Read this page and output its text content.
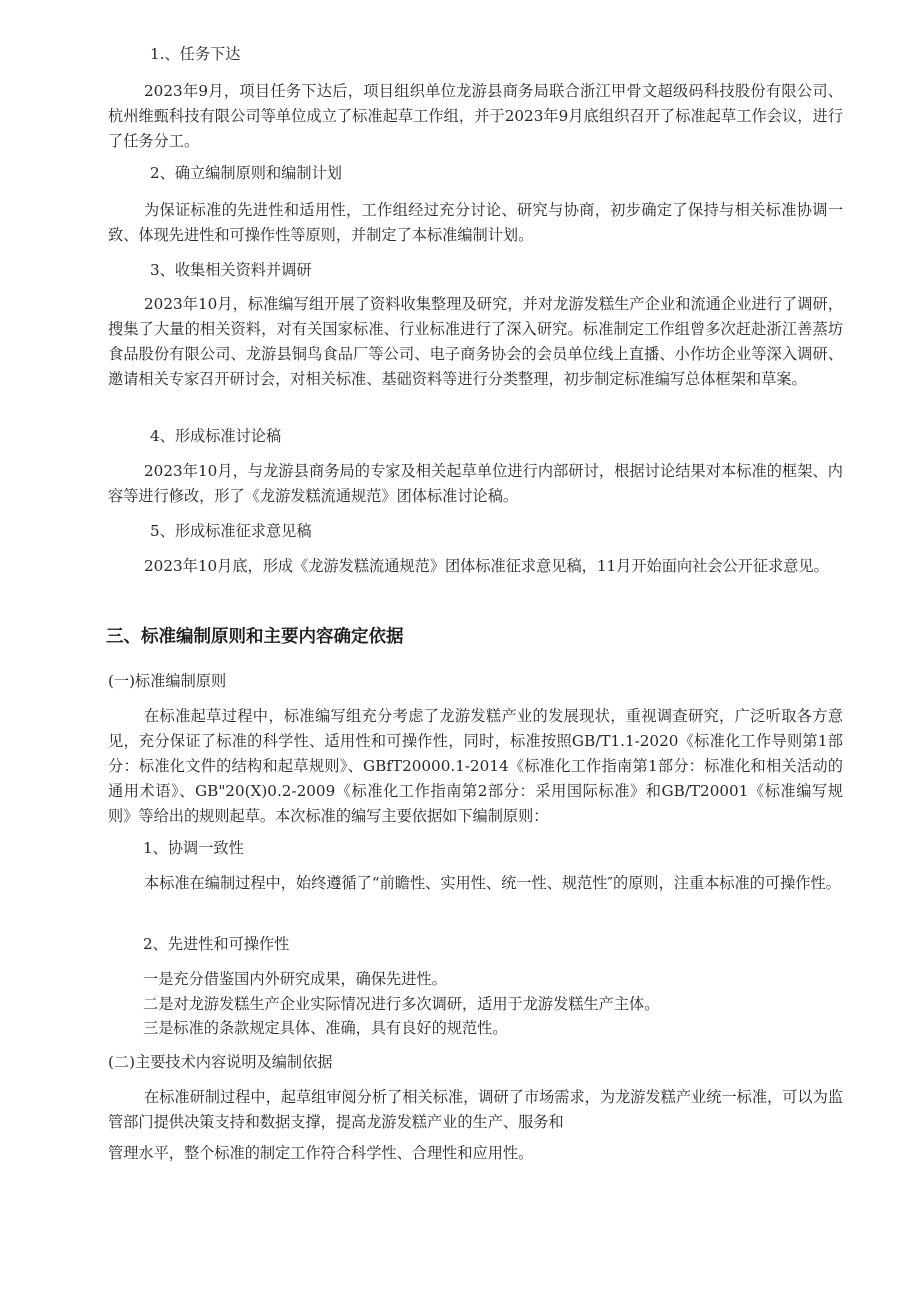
1.、任务下达

2023年9月，项目任务下达后，项目组织单位龙游县商务局联合浙江甲骨文超级码科技股份有限公司、杭州维甄科技有限公司等单位成立了标准起草工作组，并于2023年9月底组织召开了标准起草工作会议，进行了任务分工。

2、确立编制原则和编制计划

为保证标准的先进性和适用性，工作组经过充分讨论、研究与协商，初步确定了保持与相关标准协调一致、体现先进性和可操作性等原则，并制定了本标准编制计划。

3、收集相关资料并调研

2023年10月，标准编写组开展了资料收集整理及研究，并对龙游发糕生产企业和流通企业进行了调研，搜集了大量的相关资料，对有关国家标准、行业标准进行了深入研究。标准制定工作组曾多次赶赴浙江善蒸坊食品股份有限公司、龙游县铜鸟食品厂等公司、电子商务协会的会员单位线上直播、小作坊企业等深入调研、邀请相关专家召开研讨会，对相关标准、基础资料等进行分类整理，初步制定标准编写总体框架和草案。

4、形成标准讨论稿

2023年10月，与龙游县商务局的专家及相关起草单位进行内部研讨，根据讨论结果对本标准的框架、内容等进行修改，形了《龙游发糕流通规范》团体标准讨论稿。

5、形成标准征求意见稿

2023年10月底，形成《龙游发糕流通规范》团体标准征求意见稿，11月开始面向社会公开征求意见。

三、标准编制原则和主要内容确定依据

(一)标准编制原则

在标准起草过程中，标准编写组充分考虑了龙游发糕产业的发展现状，重视调查研究，广泛听取各方意见，充分保证了标准的科学性、适用性和可操作性，同时，标准按照GB/T1.1-2020《标准化工作导则第1部分：标准化文件的结构和起草规则》、GBfT20000.1-2014《标准化工作指南第1部分：标准化和相关活动的通用术语》、GB"20(X)0.2-2009《标准化工作指南第2部分：采用国际标准》和GB/T20001《标准编写规则》等给出的规则起草。本次标准的编写主要依据如下编制原则：

1、协调一致性

本标准在编制过程中，始终遵循了“前瞻性、实用性、统一性、规范性″的原则，注重本标准的可操作性。

2、先进性和可操作性

一是充分借鉴国内外研究成果，确保先进性。

二是对龙游发糕生产企业实际情况进行多次调研，适用于龙游发糕生产主体。

三是标准的条款规定具体、准确，具有良好的规范性。

(二)主要技术内容说明及编制依据

在标准研制过程中，起草组审阅分析了相关标准，调研了市场需求，为龙游发糕产业统一标准，可以为监管部门提供决策支持和数据支撑，提高龙游发糕产业的生产、服务和

管理水平，整个标准的制定工作符合科学性、合理性和应用性。
